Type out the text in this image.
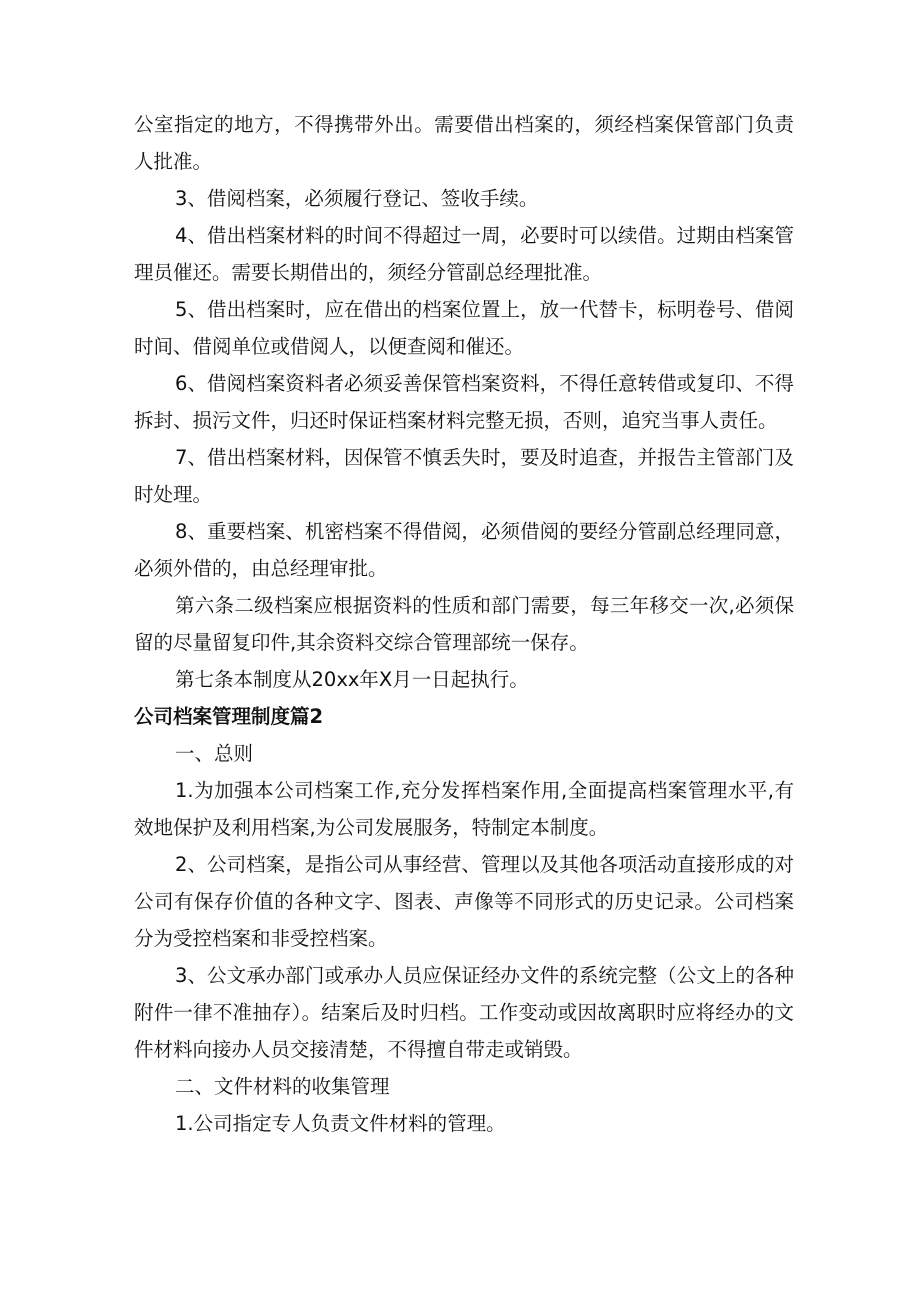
公室指定的地方，不得携带外出。需要借出档案的，须经档案保管部门负责人批准。

3、借阅档案，必须履行登记、签收手续。

4、借出档案材料的时间不得超过一周，必要时可以续借。过期由档案管理员催还。需要长期借出的，须经分管副总经理批准。

5、借出档案时，应在借出的档案位置上，放一代替卡，标明卷号、借阅时间、借阅单位或借阅人，以便查阅和催还。

6、借阅档案资料者必须妥善保管档案资料，不得任意转借或复印、不得拆封、损污文件，归还时保证档案材料完整无损，否则，追究当事人责任。

7、借出档案材料，因保管不慎丢失时，要及时追查，并报告主管部门及时处理。

8、重要档案、机密档案不得借阅，必须借阅的要经分管副总经理同意，必须外借的，由总经理审批。

第六条二级档案应根据资料的性质和部门需要，每三年移交一次,必须保留的尽量留复印件,其余资料交综合管理部统一保存。

第七条本制度从20xx年X月一日起执行。

公司档案管理制度篇2

一、总则

1.为加强本公司档案工作,充分发挥档案作用,全面提高档案管理水平,有效地保护及利用档案,为公司发展服务，特制定本制度。

2、公司档案，是指公司从事经营、管理以及其他各项活动直接形成的对公司有保存价值的各种文字、图表、声像等不同形式的历史记录。公司档案分为受控档案和非受控档案。

3、公文承办部门或承办人员应保证经办文件的系统完整（公文上的各种附件一律不准抽存）。结案后及时归档。工作变动或因故离职时应将经办的文件材料向接办人员交接清楚，不得擅自带走或销毁。

二、文件材料的收集管理

1.公司指定专人负责文件材料的管理。
